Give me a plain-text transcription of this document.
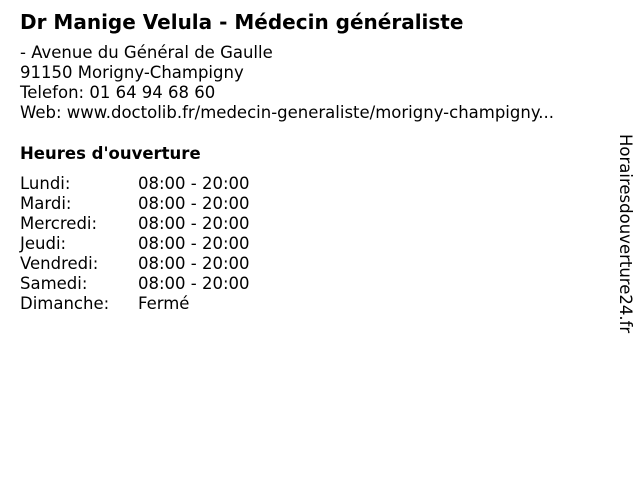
Dr Manige Velula - Médecin généraliste
- Avenue du Général de Gaulle
91150 Morigny-Champigny
Telefon: 01 64 94 68 60
Web: www.doctolib.fr/medecin-generaliste/morigny-champigny...
Heures d'ouverture
Lundi:	08:00 - 20:00
Mardi:	08:00 - 20:00
Mercredi:	08:00 - 20:00
Jeudi:	08:00 - 20:00
Vendredi:	08:00 - 20:00
Samedi:	08:00 - 20:00
Dimanche:	Fermé	Horairesdouverture24.fr
